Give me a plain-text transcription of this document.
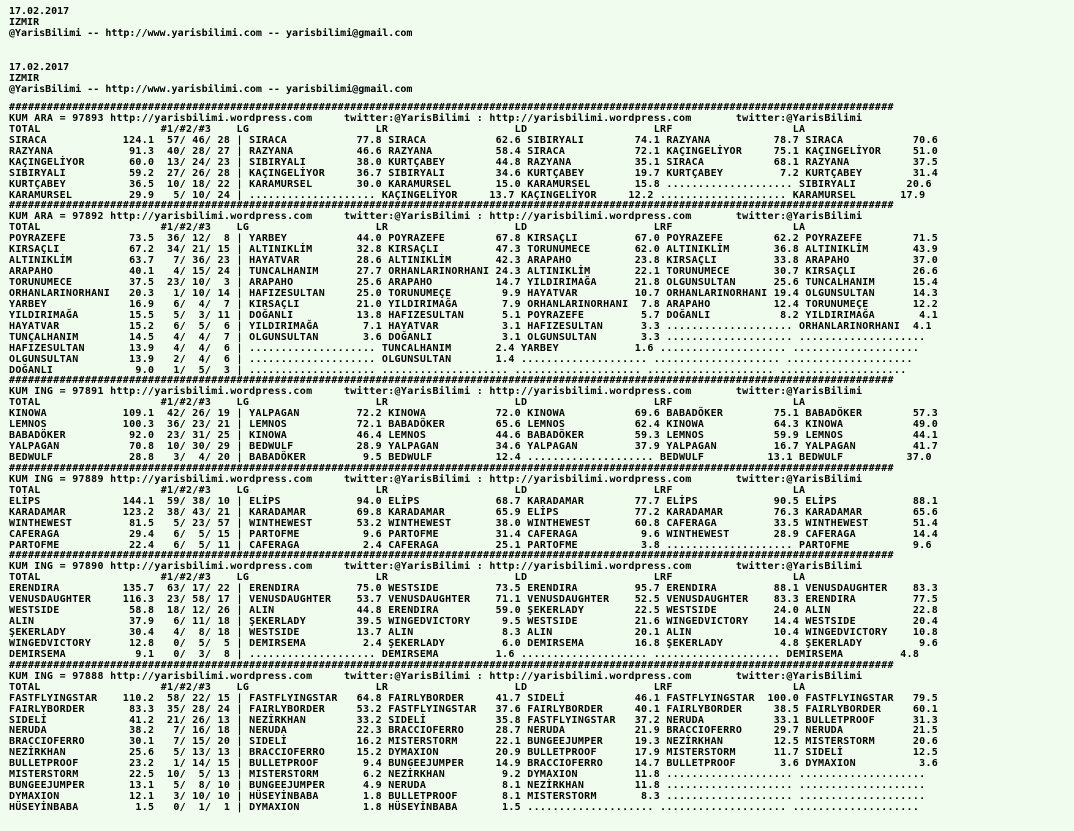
17.02.2017
IZMIR
@YarisBilimi -- http://www.yarisbilimi.com -- yarisbilimi@gmail.com
17.02.2017
IZMIR
@YarisBilimi -- http://www.yarisbilimi.com -- yarisbilimi@gmail.com
############################################################################################################################################
KUM ARA = 97893 http://yarisbilimi.wordpress.com     twitter:@YarisBilimi : http://yarisbilimi.wordpress.com       twitter:@YarisBilimi
TOTAL                   #1/#2/#3    LG                    LR                    LD                    LRF                   LA
SIRACA            124.1  57/ 46/ 28 | SIRACA           77.8 SIRACA           62.6 SIBIRYALI        74.1 RAZYANA          78.7 SIRACA           70.6
RAZYANA            91.3  40/ 28/ 27 | RAZYANA          46.6 RAZYANA          58.4 SIRACA           72.1 KAÇINGELİYOR     75.1 KAÇINGELİYOR     51.0
KAÇINGELİYOR       60.0  13/ 24/ 23 | SIBIRYALI        38.0 KURTÇABEY        44.8 RAZYANA          35.1 SIRACA           68.1 RAZYANA          37.5
SIBIRYALI          59.2  27/ 26/ 28 | KAÇINGELİYOR     36.7 SIBIRYALI        34.6 KURTÇABEY        19.7 KURTÇABEY         7.2 KURTÇABEY        31.4
KURTÇABEY          36.5  10/ 18/ 22 | KARAMURSEL       30.0 KARAMURSEL       15.0 KARAMURSEL       15.8 .................... SIBIRYALI        20.6
KARAMURSEL         29.9   5/ 10/ 24 | .................... KAÇINGELİYOR     13.7 KAÇINGELİYOR     12.2 .................... KARAMURSEL       17.9
############################################################################################################################################
KUM ARA = 97892 http://yarisbilimi.wordpress.com     twitter:@YarisBilimi : http://yarisbilimi.wordpress.com       twitter:@YarisBilimi
TOTAL                   #1/#2/#3    LG                    LR                    LD                    LRF                   LA
POYRAZEFE          73.5  36/ 12/  8 | YARBEY           44.0 POYRAZEFE        67.8 KIRSAÇLI         67.0 POYRAZEFE        62.2 POYRAZEFE        71.5
KIRSAÇLI           67.2  34/ 21/ 15 | ALTINIKLİM       32.8 KIRSAÇLI         47.3 TORUNUMECE       62.0 ALTINIKLİM       36.8 ALTINIKLİM       43.9
ALTINIKLİM         63.7   7/ 36/ 23 | HAYATVAR         28.6 ALTINIKLİM       42.3 ARAPAHO          23.8 KIRSAÇLI         33.8 ARAPAHO          37.0
ARAPAHO            40.1   4/ 15/ 24 | TUNCALHANIM      27.7 ORHANLARINORHANI 24.3 ALTINIKLİM       22.1 TORUNUMECE       30.7 KIRSAÇLI         26.6
TORUNUMECE         37.5  23/ 10/  3 | ARAPAHO          25.6 ARAPAHO          14.7 YILDIRIMAĞA      21.8 OLGUNSULTAN      25.6 TUNCALHANIM      15.4
ORHANLARINORHANI   20.3   1/ 10/ 14 | HAFIZESULTAN     25.0 TORUNUMEÇE        9.9 HAYATVAR         10.7 ORHANLARINORHANI 19.4 OLGUNSULTAN      14.3
YARBEY             16.9   6/  4/  7 | KIRSAÇLI         21.0 YILDIRIMAĞA       7.9 ORHANLARINORHANI  7.8 ARAPAHO          12.4 TORUNUMEÇE       12.2
YILDIRIMAĞA        15.5   5/  3/ 11 | DOĞANLI          13.8 HAFIZESULTAN      5.1 POYRAZEFE         5.7 DOĞANLI           8.2 YILDIRIMAĞA       4.1
HAYATVAR           15.2   6/  5/  6 | YILDIRIMAĞA       7.1 HAYATVAR          3.1 HAFIZESULTAN      3.3 .................... ORHANLARINORHANI  4.1
TUNÇALHANIM        14.5   4/  4/  7 | OLGUNSULTAN       3.6 DOĞANLI           3.1 OLGUNSULTAN       3.3 .................... ....................
HAFIZESULTAN       13.9   4/  4/  6 | .................... TUNCALHANIM       2.4 YARBEY            1.6 .................... ....................
OLGUNSULTAN        13.9   2/  4/  6 | .................... OLGUNSULTAN       1.4 .................... .................... ....................
DOĞANLI             9.0   1/  5/  3 | .................... .................... .................... .................... ....................
############################################################################################################################################
KUM ING = 97891 http://yarisbilimi.wordpress.com     twitter:@YarisBilimi : http://yarisbilimi.wordpress.com       twitter:@YarisBilimi
TOTAL                   #1/#2/#3    LG                    LR                    LD                    LRF                   LA
KINOWA            109.1  42/ 26/ 19 | YALPAGAN         72.2 KINOWA           72.0 KINOWA           69.6 BABADÖKER        75.1 BABADÖKER        57.3
LEMNOS            100.3  36/ 23/ 21 | LEMNOS           72.1 BABADÖKER        65.6 LEMNOS           62.4 KINOWA           64.3 KINOWA           49.0
BABADÖKER          92.0  23/ 31/ 25 | KINOWA           46.4 LEMNOS           44.6 BABADÖKER        59.3 LEMNOS           59.9 LEMNOS           44.1
YALPAGAN           70.8  10/ 30/ 29 | BEDWULF          28.9 YALPAGAN         34.6 YALPAGAN         37.9 YALPAGAN         16.7 YALPAGAN         41.7
BEDWULF            28.8   3/  4/ 20 | BABADÖKER         9.5 BEDWULF          12.4 .................... BEDWULF          13.1 BEDWULF          37.0
############################################################################################################################################
KUM ING = 97889 http://yarisbilimi.wordpress.com     twitter:@YarisBilimi : http://yarisbilimi.wordpress.com       twitter:@YarisBilimi
TOTAL                   #1/#2/#3    LG                    LR                    LD                    LRF                   LA
ELİPS             144.1  59/ 38/ 10 | ELİPS            94.0 ELİPS            68.7 KARADAMAR        77.7 ELİPS            90.5 ELİPS            88.1
KARADAMAR         123.2  38/ 43/ 21 | KARADAMAR        69.8 KARADAMAR        65.9 ELİPS            77.2 KARADAMAR        76.3 KARADAMAR        65.6
WINTHEWEST         81.5   5/ 23/ 57 | WINTHEWEST       53.2 WINTHEWEST       38.0 WINTHEWEST       60.8 CAFERAGA         33.5 WINTHEWEST       51.4
CAFERAGA           29.4   6/  5/ 15 | PARTOFME          9.6 PARTOFME         31.4 CAFERAGA          9.6 WINTHEWEST       28.9 CAFERAGA         14.4
PARTOFME           22.4   6/  5/ 11 | CAFERAGA          2.4 CAFERAGA         25.1 PARTOFME          3.8 .................... PARTOFME          9.6
############################################################################################################################################
KUM ING = 97890 http://yarisbilimi.wordpress.com     twitter:@YarisBilimi : http://yarisbilimi.wordpress.com       twitter:@YarisBilimi
TOTAL                   #1/#2/#3    LG                    LR                    LD                    LRF                   LA
ERENDIRA          135.7  63/ 17/ 22 | ERENDIRA         75.0 WESTSIDE         73.5 ERENDIRA         95.7 ERENDIRA         88.1 VENUSDAUGHTER    83.3
VENUSDAUGHTER     116.3  23/ 58/ 17 | VENUSDAUGHTER    53.7 VENUSDAUGHTER    71.1 VENUSDAUGHTER    52.5 VENUSDAUGHTER    83.3 ERENDIRA         77.5
WESTSIDE           58.8  18/ 12/ 26 | ALIN             44.8 ERENDIRA         59.0 ŞEKERLADY        22.5 WESTSIDE         24.0 ALIN             22.8
ALIN               37.9   6/ 11/ 18 | ŞEKERLADY        39.5 WINGEDVICTORY     9.5 WESTSIDE         21.6 WINGEDVICTORY    14.4 WESTSIDE         20.4
ŞEKERLADY          30.4   4/  8/ 18 | WESTSIDE         13.7 ALIN              8.3 ALIN             20.1 ALIN             10.4 WINGEDVICTORY    10.8
WINGEDVICTORY      12.8   0/  5/  5 | DEMIRSEMA         2.4 ŞEKERLADY         6.0 DEMIRSEMA        16.8 ŞEKERLADY         4.8 ŞEKERLADY         9.6
DEMIRSEMA           9.1   0/  3/  8 | .................... DEMIRSEMA         1.6 .................... .................... DEMIRSEMA         4.8
############################################################################################################################################
KUM ING = 97888 http://yarisbilimi.wordpress.com     twitter:@YarisBilimi : http://yarisbilimi.wordpress.com       twitter:@YarisBilimi
TOTAL                   #1/#2/#3    LG                    LR                    LD                    LRF                   LA
FASTFLYINGSTAR    110.2  58/ 22/ 15 | FASTFLYINGSTAR   64.8 FAIRLYBORDER     41.7 SIDELİ           46.1 FASTFLYINGSTAR  100.0 FASTFLYINGSTAR   79.5
FAIRLYBORDER       83.3  35/ 28/ 24 | FAIRLYBORDER     53.2 FASTFLYINGSTAR   37.6 FAIRLYBORDER     40.1 FAIRLYBORDER     38.5 FAIRLYBORDER     60.1
SIDELİ             41.2  21/ 26/ 13 | NEZİRKHAN        33.2 SIDELİ           35.8 FASTFLYINGSTAR   37.2 NERUDA           33.1 BULLETPROOF      31.3
NERUDA             38.2   7/ 16/ 18 | NERUDA           22.3 BRACCIOFERRO     28.7 NERUDA           21.9 BRACCIOFERRO     29.7 NERUDA           21.5
BRACCIOFERRO       30.1   7/ 15/ 20 | SIDELİ           16.2 MISTERSTORM      22.1 BUNGEEJUMPER     19.3 NEZİRKHAN        12.5 MISTERSTORM      20.6
NEZİRKHAN          25.6   5/ 13/ 13 | BRACCIOFERRO     15.2 DYMAXION         20.9 BULLETPROOF      17.9 MISTERSTORM      11.7 SIDELİ           12.5
BULLETPROOF        23.2   1/ 14/ 15 | BULLETPROOF       9.4 BUNGEEJUMPER     14.9 BRACCIOFERRO     14.7 BULLETPROOF       3.6 DYMAXION          3.6
MISTERSTORM        22.5  10/  5/ 13 | MISTERSTORM       6.2 NEZİRKHAN         9.2 DYMAXION         11.8 .................... ....................
BUNGEEJUMPER       13.1   5/  8/ 10 | BUNGEEJUMPER      4.9 NERUDA            8.1 NEZİRKHAN        11.8 .................... ....................
DYMAXION           12.1   3/ 10/ 10 | HÜSEYİNBABA       1.8 BULLETPROOF       8.1 MISTERSTORM       8.3 .................... ....................
HÜSEYİNBABA         1.5   0/  1/  1 | DYMAXION          1.8 HÜSEYİNBABA       1.5 .................... .................... ....................
